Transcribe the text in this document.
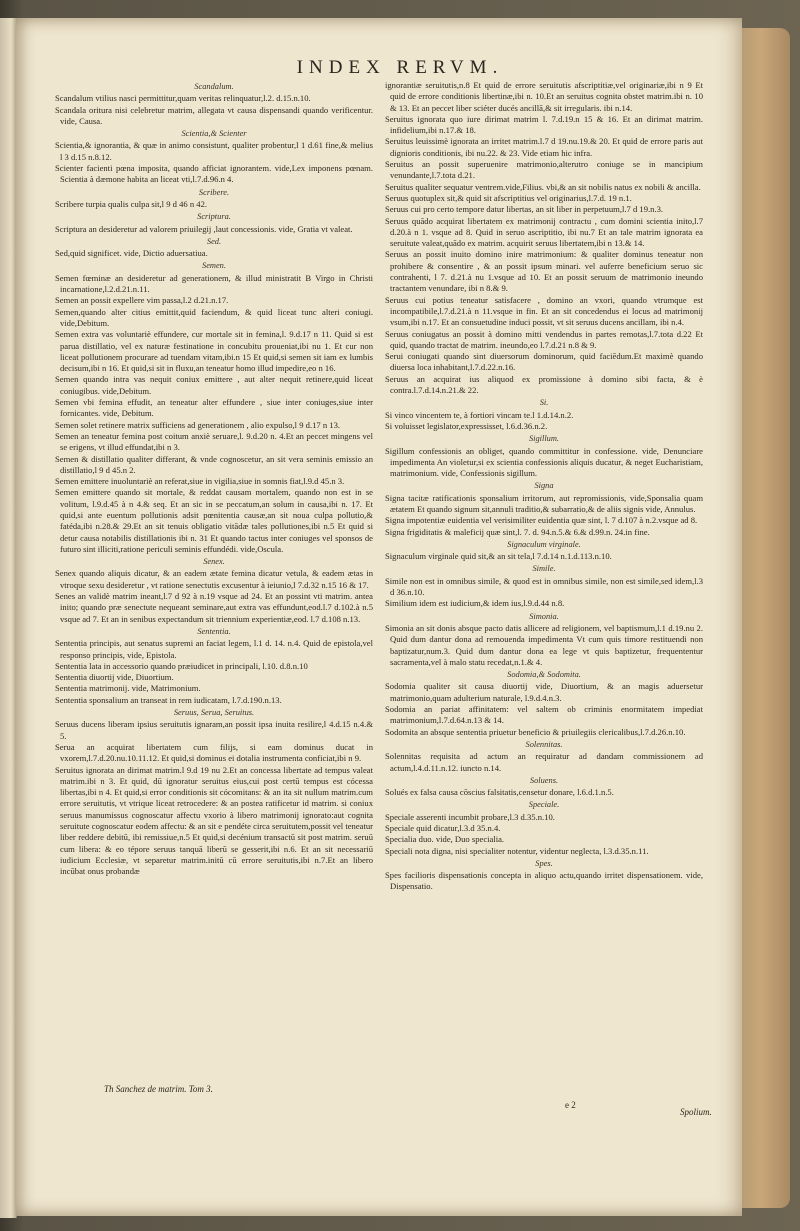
INDEX RERVM.
Scandalum.
Scandalum vtilius nasci permittitur,quam veritas relinquatur,l.2. d.15.n.10.
Scandala oritura nisi celebretur matrim, allegata vt causa dispensandi quando verificentur. vide, Causa.
Scientia,& Scienter
Scientia,& ignorantia, & quæ in animo consistunt, qualiter probentur,l 1 d.61 fine,& melius l 3 d.15 n.8.12.
Scienter facienti pœna imposita, quando afficiat ignorantem. vide,Lex imponens pœnam. Scientia à dæmone habita an liceat vti,l.7.d.96.n 4.
Scribere.
Scribere turpia qualis culpa sit,l 9 d 46 n 42.
Scriptura.
Scriptura an desideretur ad valorem priuilegij ,laut concessionis. vide, Gratia vt valeat.
Sed.
Sed,quid significet. vide, Dictio aduersatiua.
Semen.
Semen fœminæ an desideretur ad generationem, & illud ministratit B Virgo in Christi incarnatione,l.2.d.21.n.11.
Semen an possit expellere vim passa,l.2 d.21.n.17.
Semen,quando alter citius emittit,quid faciendum, & quid liceat tunc alteri coniugi. vide,Debitum.
Semen extra vas voluntariè effundere, cur mortale sit in femina,l. 9.d.17 n 11. Quid si est parua distillatio, vel ex naturæ festinatione in concubitu proueniat,ibi nu 1. Et cur non liceat pollutionem procurare ad tuendam vitam,ibi.n 15 Et quid,si semen sit iam ex lumbis decisum,ibi n 16. Et quid,si sit in fluxu,an teneatur homo illud impedire,eo n 16.
Semen quando intra vas nequit coniux emittere , aut alter nequit retinere,quid liceat coniugibus. vide,Debitum.
Semen vbi femina effudit, an teneatur alter effundere , siue inter coniuges,siue inter fornicantes. vide, Debitum.
Semen solet retinere matrix sufficiens ad generationem , alio expulso,l 9 d.17 n 13.
Semen an teneatur femina post coitum anxiè seruare,l. 9.d.20 n. 4.Et an peccet mingens vel se erigens, vt illud effundat,ibi n 3.
Semen & distillatio qualiter differant, & vnde cognoscetur, an sit vera seminis emissio an distillatio,l 9 d 45.n 2.
Semen emittere inuoluntariè an referat,siue in vigilia,siue in somnis fiat,l.9.d 45.n 3.
Semen emittere quando sit mortale, & reddat causam mortalem, quando non est in se volitum, l.9.d.45 à n 4.& seq. Et an sic in se peccatum,an solum in causa,ibi n. 17. Et quid,si ante euentum pollutionis adsit pœnitentia causæ,an sit noua culpa pollutio,& fatéda,ibi n.28.& 29.Et an sit tenuis obligatio vitādæ tales pollutiones,ibi n.5 Et quid si detur causa notabilis distillationis ibi n. 31 Et quando tactus inter coniuges vel sponsos de futuro sint illiciti,ratione periculi seminis effundédi. vide,Oscula.
Senex.
Senex quando aliquis dicatur, & an eadem ætate femina dicatur vetula, & eadem ætas in vtroque sexu desideretur , vt ratione senectutis excusentur à ieiunio,l 7.d.32 n.15 16 & 17.
Senes an validè matrim ineant,l.7 d 92 à n.19 vsque ad 24. Et an possint vti matrim. antea inito; quando præ senectute nequeant seminare,aut extra vas effundunt,eod.l.7 d.102.à n.5 vsque ad 7. Et an in senibus expectandum sit triennium experientiæ,eod. l.7 d.108 n.13.
Sententia.
Sententia principis, aut senatus supremi an faciat legem, l.1 d. 14. n.4. Quid de epistola,vel responso principis, vide, Epistola.
Sententia lata in accessorio quando præiudicet in principali, l.10. d.8.n.10
Sententia diuortij vide, Diuortium.
Sententia matrimonij. vide, Matrimonium.
Sententia sponsalium an transeat in rem iudicatam, l.7.d.190.n.13.
Seruus, Serua, Seruitus.
Seruus ducens liberam ipsius seruitutis ignaram,an possit ipsa inuita resilire,l 4.d.15 n.4.& 5.
Serua an acquirat libertatem cum filijs, si eam dominus ducat in vxorem,l.7.d.20.nu.10.11.12. Et quid,si dominus ei dotalia instrumenta conficiat,ibi n 9.
Seruitus ignorata an dirimat matrim.l 9.d 19 nu 2.Et an concessa libertate ad tempus valeat matrim.ibi n 3. Et quid, dū ignoratur seruitus eius,cui post certū tempus est cócessa libertas,ibi n 4. Et quid,si error conditionis sit cócomitans: & an ita sit nullum matrim.cum errore seruitutis, vt vtrique liceat retrocedere: & an postea ratificetur id matrim. si coniux seruus manumissus cognoscatur affectu vxorio à libero matrimonij ignorato:aut cognita seruitute cognoscatur eodem affectu: & an sit e pendéte circa seruitutem,possit vel teneatur liber reddere debitū, ibi remissiue,n.5 Et quid,si decénium transactū sit post matrim. seruū cum libera: & eo tépore seruus tanquā liberū se gesserit,ibi n.6. Et an sit necessariū iudicium Ecclesiæ, vt separetur matrim.initū cū errore seruitutis,ibi n.7.Et an libero incūbat onus probandæ
ignorantiæ seruitutis,n.8 Et quid de errore seruitutis afscriptitiæ,vel originariæ,ibi n 9 Et quid de errore conditionis libertinæ,ibi n. 10.Et an seruitus cognita obstet matrim.ibi n. 10 & 13. Et an peccet liber sciéter ducés ancillā,& sit irregularis. ibi n.14.
Seruitus ignorata quo iure dirimat matrim l. 7.d.19.n 15 & 16. Et an dirimat matrim. infidelium,ibi n.17.& 18.
Seruitus leuissimè ignorata an irritet matrim.l.7 d 19.nu.19.& 20. Et quid de errore paris aut dignioris conditionis, ibi nu.22. & 23. Vide etiam hic infra.
Seruitus an possit superuenire matrimonio,alterutro coniuge se in mancipium venundante,l.7.tota d.21.
Seruitus qualiter sequatur ventrem.vide,Filius. vbi,& an sit nobilis natus ex nobili & ancilla.
Seruus quotuplex sit,& quid sit afscriptitius vel originarius,l.7.d. 19 n.1.
Seruus cui pro certo tempore datur libertas, an sit liber in perpetuum,l.7 d 19.n.3.
Seruus quādo acquirat libertatem ex matrimonij contractu , cum domini scientia inito,l.7 d.20.à n 1. vsque ad 8. Quid in seruo ascriptitio, ibi nu.7 Et an tale matrim ignorata ea seruitute valeat,quādo ex matrim. acquirit seruus libertatem,ibi n 13.& 14.
Seruus an possit inuito domino inire matrimonium: & qualiter dominus teneatur non prohibere & consentire , & an possit ipsum minari. vel auferre beneficium seruo sic contrahenti, l 7. d.21.à nu 1.vsque ad 10. Et an possit seruum de matrimonio ineundo tractantem venundare, ibi n 8.& 9.
Seruus cui potius teneatur satisfacere , domino an vxori, quando vtrumque est incompatibile,l.7.d.21.à n 11.vsque in fin. Et an sit concedendus ei locus ad matrimonij vsum,ibi n.17. Et an consuetudine induci possit, vt sit seruus ducens ancillam, ibi n.4.
Seruus coniugatus an possit à domino mitti vendendus in partes remotas,l.7.tota d.22 Et quid, quando tractat de matrim. ineundo,eo l.7.d.21 n.8 & 9.
Serui coniugati quando sint diuersorum dominorum, quid faciēdum.Et maximè quando diuersa loca inhabitant,l.7.d.22.n.16.
Seruus an acquirat ius aliquod ex promissione à domino sibi facta, & è contra.l.7.d.14.n.21.& 22.
Si.
Si vinco vincentem te, à fortiori vincam te.l 1.d.14.n.2.
Si voluisset legislator,expressisset, l.6.d.36.n.2.
Sigillum.
Sigillum confessionis an obliget, quando committitur in confessione. vide, Denunciare impedimenta An violetur,si ex scientia confessionis aliquis ducatur, & neget Eucharistiam, matrimonium. vide, Confessionis sigillum.
Signa
Signa tacitæ ratificationis sponsalium irritorum, aut repromissionis, vide,Sponsalia quam ætatem Et quando signum sit,annuli traditio,& subarratio,& de aliis signis vide, Annulus.
Signa impotentiæ euidentia vel verisimiliter euidentia quæ sint, l. 7 d.107 à n.2.vsque ad 8.
Signa frigiditatis & maleficij quæ sint,l. 7. d. 94.n.5.& 6.& d.99.n. 24.in fine.
Signaculum virginale.
Signaculum virginale quid sit,& an sit tela,l 7.d.14 n.1.d.113.n.10.
Simile.
Simile non est in omnibus simile, & quod est in omnibus simile, non est simile,sed idem,l.3 d 36.n.10.
Similium idem est iudicium,& idem ius,l.9.d.44 n.8.
Simonia.
Simonia an sit donis absque pacto datis allicere ad religionem, vel baptismum,l.1 d.19.nu 2. Quid dum dantur dona ad remouenda impedimenta Vt cum quis timore restituendi non baptizatur,num.3. Quid dum dantur dona ea lege vt quis baptizetur, frequententur sacramenta,vel à malo statu recedat,n.1.& 4.
Sodomia,& Sodomita.
Sodomia qualiter sit causa diuortij vide, Diuortium, & an magis aduersetur matrimonio,quam adulterium naturale, l.9.d.4.n.3.
Sodomia an pariat affinitatem: vel saltem ob criminis enormitatem impediat matrimonium,l.7.d.64.n.13 & 14.
Sodomita an absque sententia priuetur beneficio & priuilegiis clericalibus,l.7.d.26.n.10.
Solennitas.
Solennitas requisita ad actum an requiratur ad dandam commissionem ad actum,l.4.d.11.n.12. iuncto n.14.
Soluens.
Solués ex falsa causa cōscius falsitatis,censetur donare, l.6.d.1.n.5.
Speciale.
Speciale asserenti incumbit probare,l.3 d.35.n.10.
Speciale quid dicatur,l.3.d 35.n.4.
Specialia duo. vide, Duo specialia.
Speciali nota digna, nisi specialiter notentur, videntur neglecta, l.3.d.35.n.11.
Spes.
Spes facilioris dispensationis concepta in aliquo actu,quando irritet dispensationem. vide, Dispensatio.
Th Sanchez de matrim. Tom 3.
e 2
Spolium.
